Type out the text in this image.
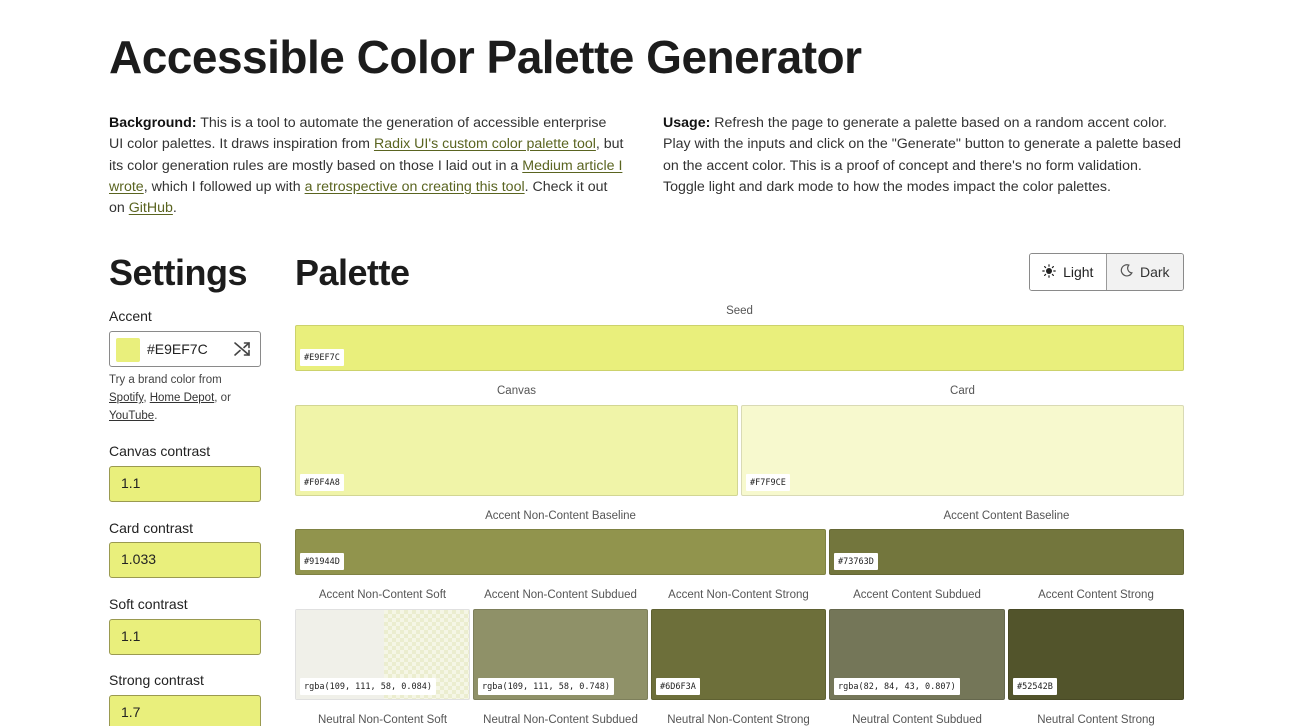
Accessible Color Palette Generator
Background: This is a tool to automate the generation of accessible enterprise UI color palettes. It draws inspiration from Radix UI's custom color palette tool, but its color generation rules are mostly based on those I laid out in a Medium article I wrote, which I followed up with a retrospective on creating this tool. Check it out on GitHub.
Usage: Refresh the page to generate a palette based on a random accent color. Play with the inputs and click on the "Generate" button to generate a palette based on the accent color. This is a proof of concept and there's no form validation. Toggle light and dark mode to how the modes impact the color palettes.
Settings
Accent
#E9EF7C
Try a brand color from
Spotify, Home Depot, or
YouTube.
Canvas contrast
1.1
Card contrast
1.033
Soft contrast
1.1
Strong contrast
1.7
Palette	Light	Dark
Seed
#E9EF7C
Canvas
#F0F4A8
Card
#F7F9CE
Accent Non-Content Baseline
#91944D
Accent Content Baseline
#73763D
Accent Non-Content Soft
rgba(109, 111, 58, 0.084)
Accent Non-Content Subdued
rgba(109, 111, 58, 0.748)
Accent Non-Content Strong
#6D6F3A
Accent Content Subdued
rgba(82, 84, 43, 0.807)
Accent Content Strong
#52542B
Neutral Non-Content Soft	Neutral Non-Content Subdued	Neutral Non-Content Strong	Neutral Content Subdued	Neutral Content Strong
